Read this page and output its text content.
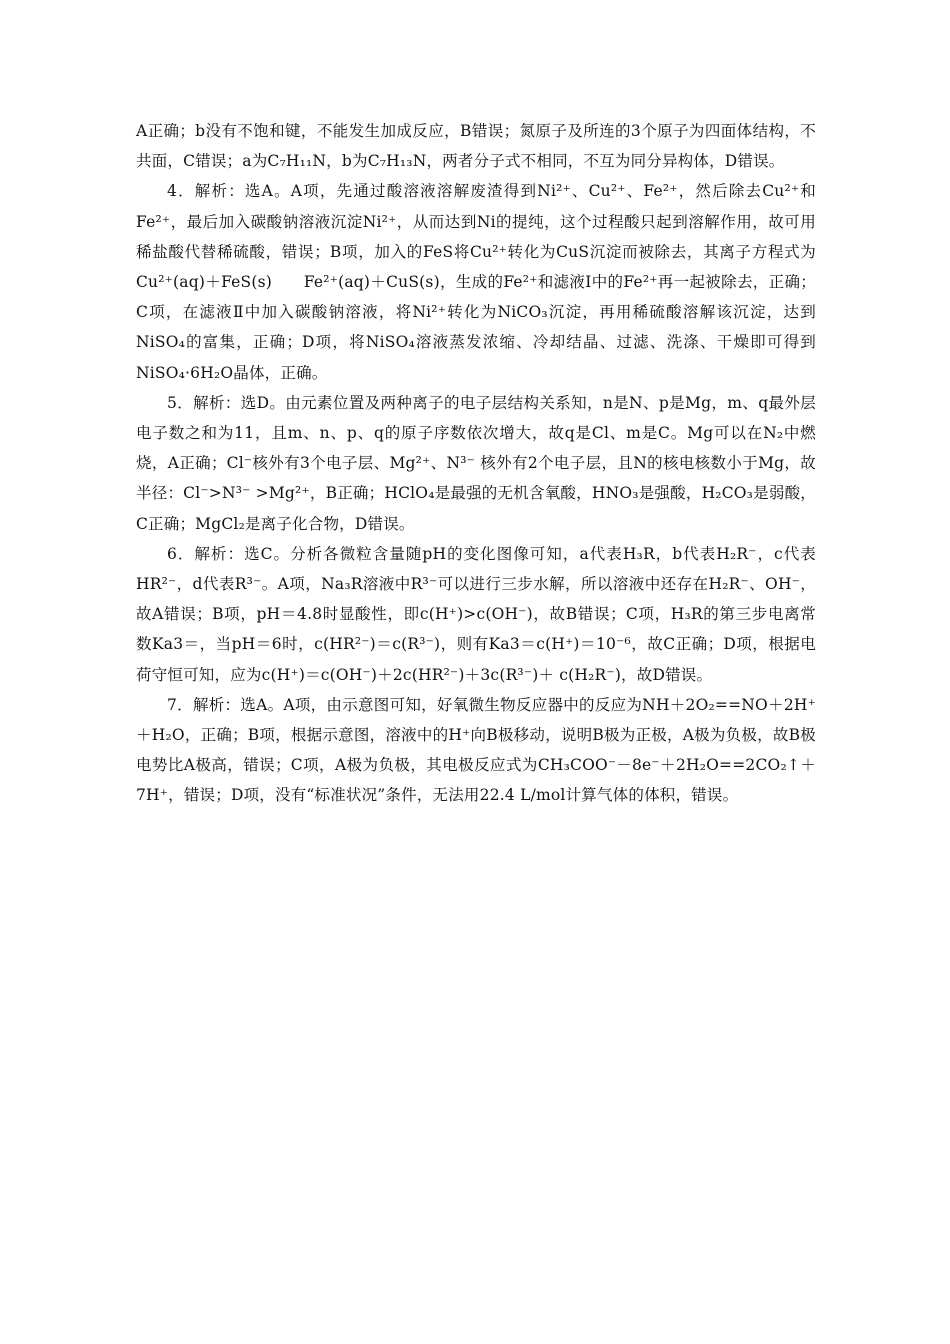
A正确；b没有不饱和键，不能发生加成反应，B错误；氮原子及所连的3个原子为四面体结构，不共面，C错误；a为C₇H₁₁N，b为C₇H₁₃N，两者分子式不相同，不互为同分异构体，D错误。

4．解析：选A。A项，先通过酸溶液溶解废渣得到Ni²⁺、Cu²⁺、Fe²⁺，然后除去Cu²⁺和Fe²⁺，最后加入碳酸钠溶液沉淀Ni²⁺，从而达到Ni的提纯，这个过程酸只起到溶解作用，故可用稀盐酸代替稀硫酸，错误；B项，加入的FeS将Cu²⁺转化为CuS沉淀而被除去，其离子方程式为Cu²⁺(aq)＋FeS(s)　　Fe²⁺(aq)＋CuS(s)，生成的Fe²⁺和滤液Ⅰ中的Fe²⁺再一起被除去，正确；C项，在滤液Ⅱ中加入碳酸钠溶液，将Ni²⁺转化为NiCO₃沉淀，再用稀硫酸溶解该沉淀，达到NiSO₄的富集，正确；D项，将NiSO₄溶液蒸发浓缩、冷却结晶、过滤、洗涤、干燥即可得到NiSO₄·6H₂O晶体，正确。

5．解析：选D。由元素位置及两种离子的电子层结构关系知，n是N、p是Mg，m、q最外层电子数之和为11，且m、n、p、q的原子序数依次增大，故q是Cl、m是C。Mg可以在N₂中燃烧，A正确；Cl⁻核外有3个电子层、Mg²⁺、N³⁻ 核外有2个电子层，且N的核电核数小于Mg，故半径：Cl⁻>N³⁻ >Mg²⁺，B正确；HClO₄是最强的无机含氧酸，HNO₃是强酸，H₂CO₃是弱酸，C正确；MgCl₂是离子化合物，D错误。

6．解析：选C。分析各微粒含量随pH的变化图像可知，a代表H₃R，b代表H₂R⁻，c代表HR²⁻，d代表R³⁻。A项，Na₃R溶液中R³⁻可以进行三步水解，所以溶液中还存在H₂R⁻、OH⁻，故A错误；B项，pH＝4.8时显酸性，即c(H⁺)>c(OH⁻)，故B错误；C项，H₃R的第三步电离常数Ka3＝，当pH＝6时，c(HR²⁻)＝c(R³⁻)，则有Ka3＝c(H⁺)＝10⁻⁶，故C正确；D项，根据电荷守恒可知，应为c(H⁺)＝c(OH⁻)＋2c(HR²⁻)＋3c(R³⁻)＋ c(H₂R⁻)，故D错误。

7．解析：选A。A项，由示意图可知，好氧微生物反应器中的反应为NH＋2O₂==NO＋2H⁺＋H₂O，正确；B项，根据示意图，溶液中的H⁺向B极移动，说明B极为正极，A极为负极，故B极电势比A极高，错误；C项，A极为负极，其电极反应式为CH₃COO⁻－8e⁻＋2H₂O==2CO₂↑＋7H⁺，错误；D项，没有“标准状况”条件，无法用22.4 L/mol计算气体的体积，错误。
